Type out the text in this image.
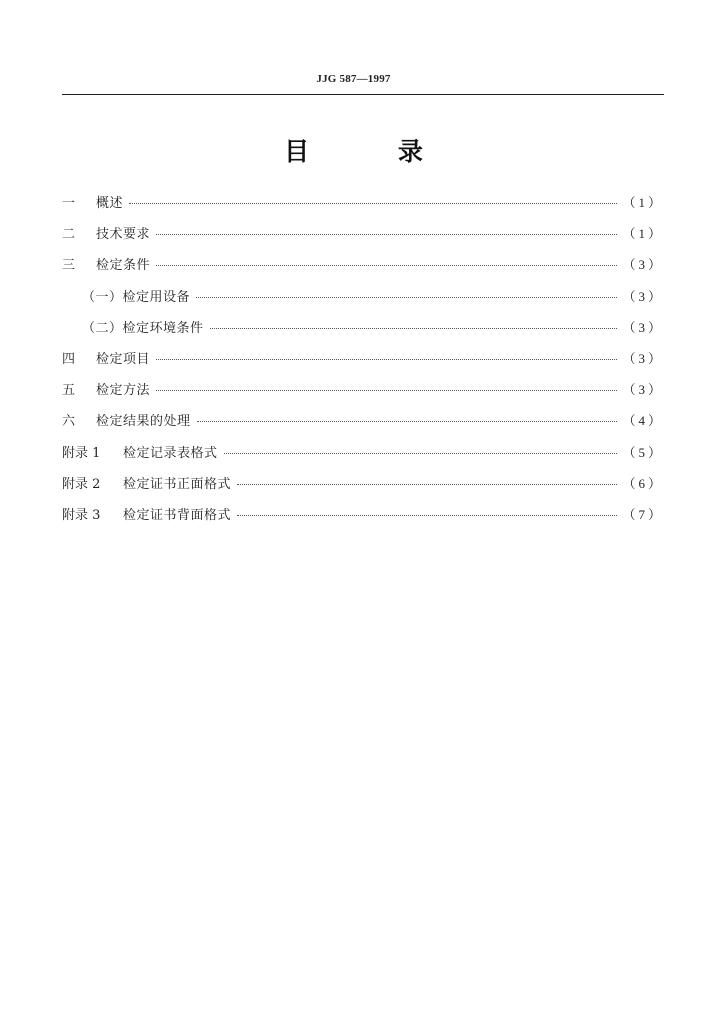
JJG 587—1997
目 录
一	概述	（1）
二	技术要求	（1）
三	检定条件	（3）
（一）检定用设备	（3）
（二）检定环境条件	（3）
四	检定项目	（3）
五	检定方法	（3）
六	检定结果的处理	（4）
附录 1	检定记录表格式	（5）
附录 2	检定证书正面格式	（6）
附录 3	检定证书背面格式	（7）
